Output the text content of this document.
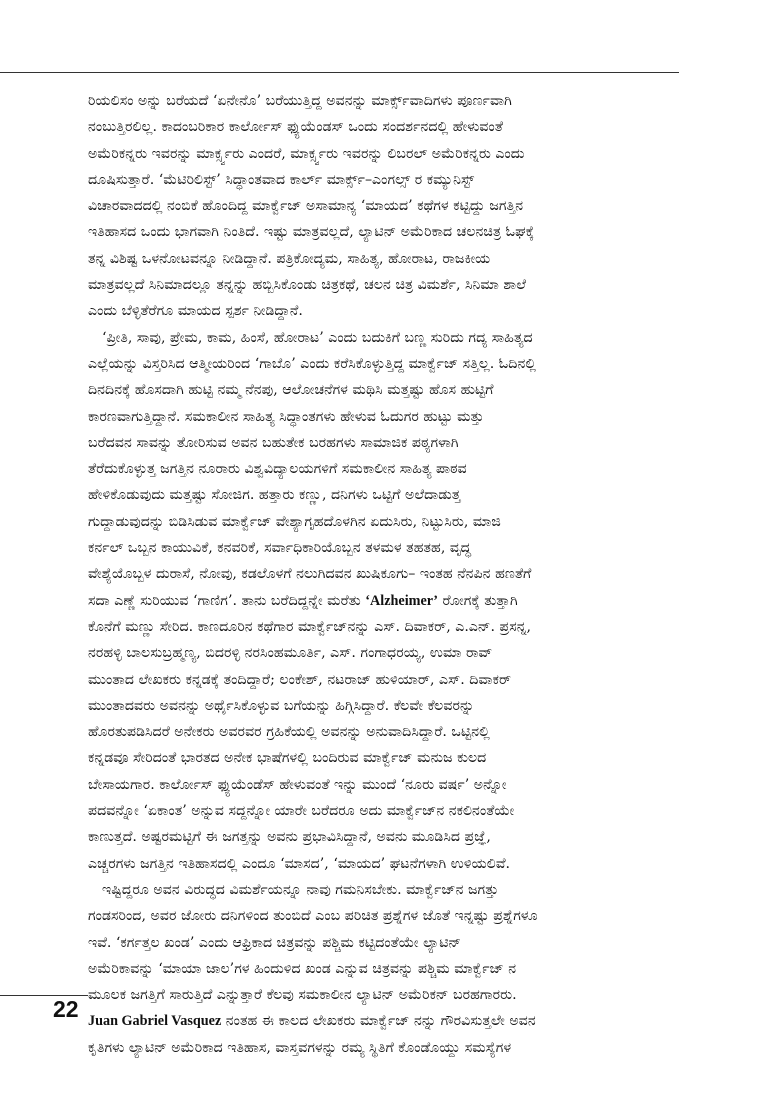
ರಿಯಲಿಸಂ ಅನ್ನು ಬರೆಯದೆ ‘ಏನೇನೊ’ ಬರೆಯುತ್ತಿದ್ದ ಅವನನ್ನು ಮಾರ್ಕ್ಸ್‌ವಾದಿಗಳು ಪೂರ್ಣವಾಗಿ
ನಂಬುತ್ತಿರಲಿಲ್ಲ. ಕಾದಂಬರಿಕಾರ ಕಾರ್ಲೋಸ್ ಫ್ಯುಯೆಂಡಸ್ ಒಂದು ಸಂದರ್ಶನದಲ್ಲಿ ಹೇಳುವಂತೆ
ಅಮೆರಿಕನ್ನರು ಇವರನ್ನು ಮಾರ್ಕ್ಸ್ವರು ಎಂದರೆ, ಮಾರ್ಕ್ಸ್ವರು ಇವರನ್ನು ಲಿಬರಲ್ ಅಮೆರಿಕನ್ನರು ಎಂದು
ದೂಷಿಸುತ್ತಾರೆ. ‘ಮೆಟಿರಿಲಿಸ್ಟ್’ ಸಿದ್ಧಾಂತವಾದ ಕಾರ್ಲ್ ಮಾರ್ಕ್ಸ್–ಎಂಗಲ್ಸ್ ರ ಕಮ್ಯುನಿಸ್ಟ್
ವಿಚಾರವಾದದಲ್ಲಿ ನಂಬಿಕೆ ಹೊಂದಿದ್ದ ಮಾರ್ಕ್ವೆಜ್ ಅಸಾಮಾನ್ಯ ‘ಮಾಯದ’ ಕಥೆಗಳ ಕಟ್ಟಿದ್ದು ಜಗತ್ತಿನ
ಇತಿಹಾಸದ ಒಂದು ಭಾಗವಾಗಿ ನಿಂತಿದೆ. ಇಷ್ಟು ಮಾತ್ರವಲ್ಲದೆ, ಲ್ಯಾಟಿನ್ ಅಮೆರಿಕಾದ ಚಲನಚಿತ್ರ ಓಘಕ್ಕೆ
ತನ್ನ ವಿಶಿಷ್ಟ ಒಳನೋಟವನ್ನೂ ನೀಡಿದ್ದಾನೆ. ಪತ್ರಿಕೋದ್ಯಮ, ಸಾಹಿತ್ಯ, ಹೋರಾಟ, ರಾಜಕೀಯ
ಮಾತ್ರವಲ್ಲದೆ ಸಿನಿಮಾದಲ್ಲೂ ತನ್ನನ್ನು ಹಬ್ಬಿಸಿಕೊಂಡು ಚಿತ್ರಕಥೆ, ಚಲನ ಚಿತ್ರ ವಿಮರ್ಶೆ, ಸಿನಿಮಾ ಶಾಲೆ
ಎಂದು ಬೆಳ್ಳಿತೆರೆಗೂ ಮಾಯದ ಸ್ಪರ್ಶ ನೀಡಿದ್ದಾನೆ.

‘ಪ್ರೀತಿ, ಸಾವು, ಪ್ರೇಮ, ಕಾಮ, ಹಿಂಸೆ, ಹೋರಾಟ’ ಎಂದು ಬದುಕಿಗೆ ಬಣ್ಣ ಸುರಿದು ಗದ್ಯ ಸಾಹಿತ್ಯದ
ಎಲ್ಲೆಯನ್ನು ವಿಸ್ತರಿಸಿದ ಆತ್ಮೀಯರಿಂದ ‘ಗಾಬೊ’ ಎಂದು ಕರೆಸಿಕೊಳ್ಳುತ್ತಿದ್ದ ಮಾರ್ಕ್ವೆಜ್ ಸತ್ತಿಲ್ಲ. ಓದಿನಲ್ಲಿ
ದಿನದಿನಕ್ಕೆ ಹೊಸದಾಗಿ ಹುಟ್ಟಿ ನಮ್ಮ ನೆನಪು, ಆಲೋಚನೆಗಳ ಮಥಿಸಿ ಮತ್ತಷ್ಟು ಹೊಸ ಹುಟ್ಟಿಗೆ
ಕಾರಣವಾಗುತ್ತಿದ್ದಾನೆ. ಸಮಕಾಲೀನ ಸಾಹಿತ್ಯ ಸಿದ್ಧಾಂತಗಳು ಹೇಳುವ ಓದುಗರ ಹುಟ್ಟು ಮತ್ತು
ಬರೆದವನ ಸಾವನ್ನು ತೋರಿಸುವ ಅವನ ಬಹುತೇಕ ಬರಹಗಳು ಸಾಮಾಜಿಕ ಪಠ್ಯಗಳಾಗಿ
ತೆರೆದುಕೊಳ್ಳುತ್ತ ಜಗತ್ತಿನ ನೂರಾರು ವಿಶ್ವವಿದ್ಯಾಲಯಗಳಿಗೆ ಸಮಕಾಲೀನ ಸಾಹಿತ್ಯ ಪಾಠವ
ಹೇಳಿಕೊಡುವುದು ಮತ್ತಷ್ಟು ಸೋಜಿಗ. ಹತ್ತಾರು ಕಣ್ಣು, ದನಿಗಳು ಒಟ್ಟಿಗೆ ಅಲೆದಾಡುತ್ತ
ಗುದ್ದಾಡುವುದನ್ನು ಬಿಡಿಸಿಡುವ ಮಾರ್ಕ್ವೆಜ್ ವೇಶ್ಯಾಗೃಹದೊಳಗಿನ ಏದುಸಿರು, ನಿಟ್ಟುಸಿರು, ಮಾಜಿ
ಕರ್ನಲ್ ಒಬ್ಬನ ಕಾಯುವಿಕೆ, ಕನವರಿಕೆ, ಸರ್ವಾಧಿಕಾರಿಯೊಬ್ಬನ ತಳಮಳ ತಹತಹ, ವೃದ್ಧ
ವೇಶ್ಯೆಯೊಬ್ಬಳ ದುರಾಸೆ, ನೋವು, ಕಡಲೊಳಗೆ ನಲುಗಿದವನ ಖುಷಿಕೂಗು– ಇಂತಹ ನೆನಪಿನ ಹಣತೆಗೆ
ಸದಾ ಎಣ್ಣೆ ಸುರಿಯುವ ‘ಗಾಣಿಗ’. ತಾನು ಬರೆದಿದ್ದನ್ನೇ ಮರೆತು ‘Alzheimer’ ರೋಗಕ್ಕೆ ತುತ್ತಾಗಿ
ಕೊನೆಗೆ ಮಣ್ಣು ಸೇರಿದ. ಕಾಣದೂರಿನ ಕಥೆಗಾರ ಮಾರ್ಕ್ವೆಜ್‌ನನ್ನು ಎಸ್. ದಿವಾಕರ್, ಎ.ಎನ್. ಪ್ರಸನ್ನ,
ನರಹಳ್ಳಿ ಬಾಲಸುಬ್ರಹ್ಮಣ್ಯ, ಬಿದರಳ್ಳಿ ನರಸಿಂಹಮೂರ್ತಿ, ಎಸ್. ಗಂಗಾಧರಯ್ಯ, ಉಮಾ ರಾವ್
ಮುಂತಾದ ಲೇಖಕರು ಕನ್ನಡಕ್ಕೆ ತಂದಿದ್ದಾರೆ; ಲಂಕೇಶ್, ನಟರಾಜ್ ಹುಳಿಯಾರ್, ಎಸ್. ದಿವಾಕರ್
ಮುಂತಾದವರು ಅವನನ್ನು ಅರ್ಥೈಸಿಕೊಳ್ಳುವ ಬಗೆಯನ್ನು ಹಿಗ್ಗಿಸಿದ್ದಾರೆ. ಕೆಲವೇ ಕೆಲವರನ್ನು
ಹೊರತುಪಡಿಸಿದರೆ ಅನೇಕರು ಅವರವರ ಗ್ರಹಿಕೆಯಲ್ಲಿ ಅವನನ್ನು ಅನುವಾದಿಸಿದ್ದಾರೆ. ಒಟ್ಟಿನಲ್ಲಿ
ಕನ್ನಡವೂ ಸೇರಿದಂತೆ ಭಾರತದ ಅನೇಕ ಭಾಷೆಗಳಲ್ಲಿ ಬಂದಿರುವ ಮಾರ್ಕ್ವೆಜ್ ಮನುಜ ಕುಲದ
ಬೇಸಾಯಗಾರ. ಕಾರ್ಲೋಸ್ ಫ್ಯುಯೆಂಡೆಸ್ ಹೇಳುವಂತೆ ಇನ್ನು ಮುಂದೆ ‘ನೂರು ವರ್ಷ’ ಅನ್ನೋ
ಪದವನ್ನೋ ‘ಏಕಾಂತ’ ಅನ್ನುವ ಸದ್ದನ್ನೋ ಯಾರೇ ಬರೆದರೂ ಅದು ಮಾರ್ಕ್ವೆಜ್‌ನ ನಕಲಿನಂತೆಯೇ
ಕಾಣುತ್ತದೆ. ಅಷ್ಟರಮಟ್ಟಿಗೆ ಈ ಜಗತ್ತನ್ನು ಅವನು ಪ್ರಭಾವಿಸಿದ್ದಾನೆ, ಅವನು ಮೂಡಿಸಿದ ಪ್ರಜ್ಞೆ,
ಎಚ್ಚರಗಳು ಜಗತ್ತಿನ ಇತಿಹಾಸದಲ್ಲಿ ಎಂದೂ ‘ಮಾಸದ’, ‘ಮಾಯದ’ ಘಟನೆಗಳಾಗಿ ಉಳಿಯಲಿವೆ.

ಇಷ್ಟಿದ್ದರೂ ಅವನ ವಿರುದ್ಧದ ವಿಮರ್ಶೆಯನ್ನೂ ನಾವು ಗಮನಿಸಬೇಕು. ಮಾರ್ಕ್ವೆಜ್‌ನ ಜಗತ್ತು
ಗಂಡಸರಿಂದ, ಅವರ ಜೋರು ದನಿಗಳಿಂದ ತುಂಬಿದೆ ಎಂಬ ಪರಿಚಿತ ಪ್ರಶ್ನೆಗಳ ಜೊತೆ ಇನ್ನಷ್ಟು ಪ್ರಶ್ನೆಗಳೂ
ಇವೆ. ‘ಕರ್ಗತ್ತಲ ಖಂಡ’ ಎಂದು ಆಫ್ರಿಕಾದ ಚಿತ್ರವನ್ನು ಪಶ್ಚಿಮ ಕಟ್ಟಿದಂತೆಯೇ ಲ್ಯಾಟಿನ್
ಅಮೆರಿಕಾವನ್ನು ‘ಮಾಯಾ ಜಾಲ’ಗಳ ಹಿಂದುಳಿದ ಖಂಡ ಎನ್ನುವ ಚಿತ್ರವನ್ನು ಪಶ್ಚಿಮ ಮಾರ್ಕ್ವೆಜ್ ನ
ಮೂಲಕ ಜಗತ್ತಿಗೆ ಸಾರುತ್ತಿದೆ ಎನ್ನುತ್ತಾರೆ ಕೆಲವು ಸಮಕಾಲೀನ ಲ್ಯಾಟಿನ್ ಅಮೆರಿಕನ್ ಬರಹಗಾರರು.
Juan Gabriel Vasquez ನಂತಹ ಈ ಕಾಲದ ಲೇಖಕರು ಮಾರ್ಕ್ವೆಜ್ ನನ್ನು ಗೌರವಿಸುತ್ತಲೇ ಅವನ
ಕೃತಿಗಳು ಲ್ಯಾಟಿನ್ ಅಮೆರಿಕಾದ ಇತಿಹಾಸ, ವಾಸ್ತವಗಳನ್ನು ರಮ್ಯ ಸ್ಥಿತಿಗೆ ಕೊಂಡೊಯ್ದು ಸಮಸ್ಯೆಗಳ

22
